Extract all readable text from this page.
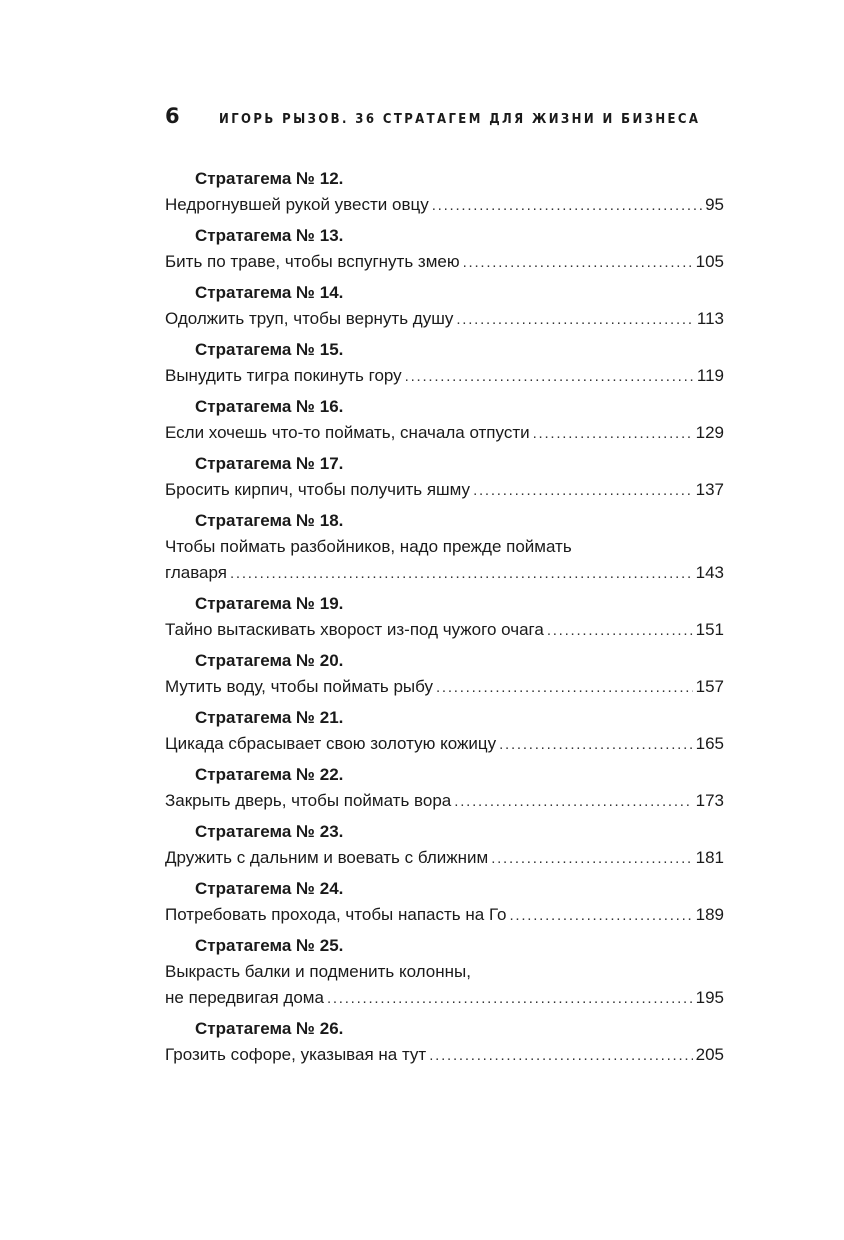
6	ИГОРЬ РЫЗОВ. 36 СТРАТАГЕМ ДЛЯ ЖИЗНИ И БИЗНЕСА
Стратагема № 12.
Недрогнувшей рукой увести овцу . . .	95
Стратагема № 13.
Бить по траве, чтобы вспугнуть змею . . .	105
Стратагема № 14.
Одолжить труп, чтобы вернуть душу . . .	113
Стратагема № 15.
Вынудить тигра покинуть гору . . .	119
Стратагема № 16.
Если хочешь что-то поймать, сначала отпусти . . .	129
Стратагема № 17.
Бросить кирпич, чтобы получить яшму . . .	137
Стратагема № 18.
Чтобы поймать разбойников, надо прежде поймать
главаря . . .	143
Стратагема № 19.
Тайно вытаскивать хворост из-под чужого очага . . .	151
Стратагема № 20.
Мутить воду, чтобы поймать рыбу . . .	157
Стратагема № 21.
Цикада сбрасывает свою золотую кожицу . . .	165
Стратагема № 22.
Закрыть дверь, чтобы поймать вора . . .	173
Стратагема № 23.
Дружить с дальним и воевать с ближним . . .	181
Стратагема № 24.
Потребовать прохода, чтобы напасть на Го . . .	189
Стратагема № 25.
Выкрасть балки и подменить колонны,
не передвигая дома . . .	195
Стратагема № 26.
Грозить софоре, указывая на тут . . .	205
